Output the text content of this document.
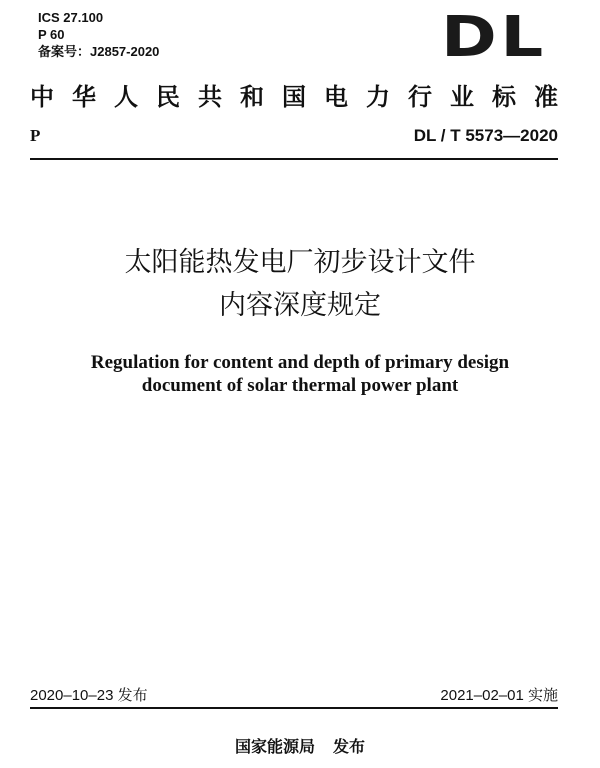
ICS 27.100
P 60
备案号：J2857-2020	DL
中华人民共和国电力行业标准
P	DL / T 5573—2020
太阳能热发电厂初步设计文件
内容深度规定
Regulation for content and depth of primary design
document of solar thermal power plant
2020–10–23 发布	2021–02–01 实施
国家能源局 发布
